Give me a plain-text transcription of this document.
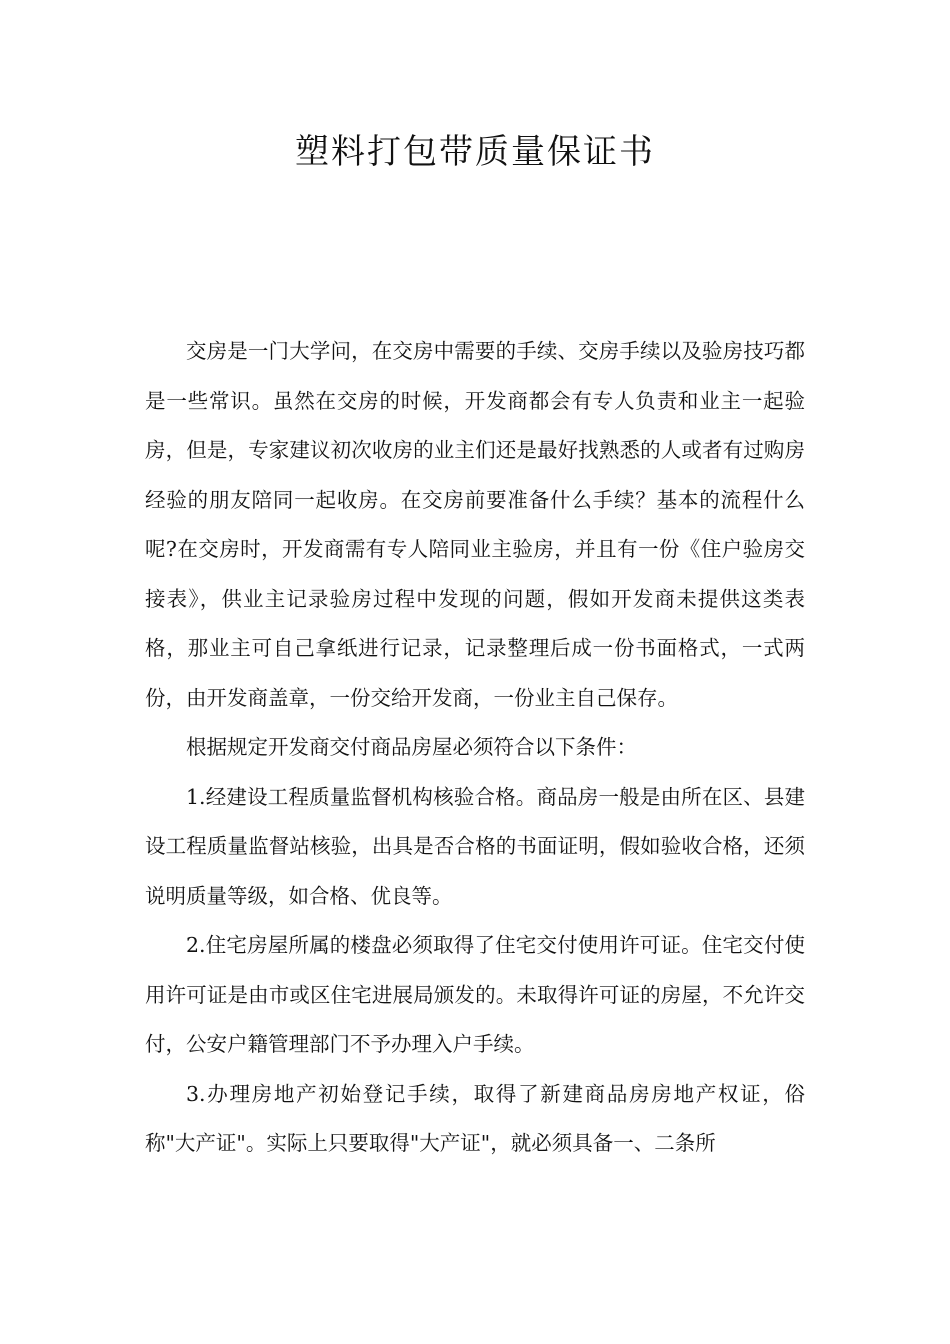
塑料打包带质量保证书

交房是一门大学问，在交房中需要的手续、交房手续以及验房技巧都是一些常识。虽然在交房的时候，开发商都会有专人负责和业主一起验房，但是，专家建议初次收房的业主们还是最好找熟悉的人或者有过购房经验的朋友陪同一起收房。在交房前要准备什么手续？基本的流程什么呢?在交房时，开发商需有专人陪同业主验房，并且有一份《住户验房交接表》，供业主记录验房过程中发现的问题，假如开发商未提供这类表格，那业主可自己拿纸进行记录，记录整理后成一份书面格式，一式两份，由开发商盖章，一份交给开发商，一份业主自己保存。

根据规定开发商交付商品房屋必须符合以下条件：

1.经建设工程质量监督机构核验合格。商品房一般是由所在区、县建设工程质量监督站核验，出具是否合格的书面证明，假如验收合格，还须说明质量等级，如合格、优良等。

2.住宅房屋所属的楼盘必须取得了住宅交付使用许可证。住宅交付使用许可证是由市或区住宅进展局颁发的。未取得许可证的房屋，不允许交付，公安户籍管理部门不予办理入户手续。

3.办理房地产初始登记手续，取得了新建商品房房地产权证，俗称"大产证"。实际上只要取得"大产证"，就必须具备一、二条所
